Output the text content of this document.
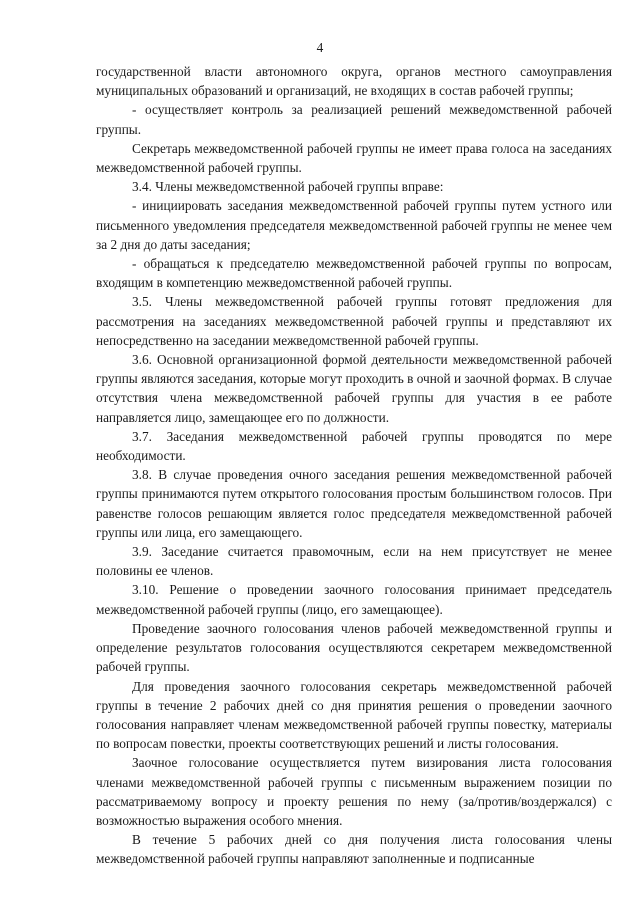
4

государственной власти автономного округа, органов местного самоуправления муниципальных образований и организаций, не входящих в состав рабочей группы;

- осуществляет контроль за реализацией решений межведомственной рабочей группы.

Секретарь межведомственной рабочей группы не имеет права голоса на заседаниях межведомственной рабочей группы.

3.4. Члены межведомственной рабочей группы вправе:

- инициировать заседания межведомственной рабочей группы путем устного или письменного уведомления председателя межведомственной рабочей группы не менее чем за 2 дня до даты заседания;

- обращаться к председателю межведомственной рабочей группы по вопросам, входящим в компетенцию межведомственной рабочей группы.

3.5. Члены межведомственной рабочей группы готовят предложения для рассмотрения на заседаниях межведомственной рабочей группы и представляют их непосредственно на заседании межведомственной рабочей группы.

3.6. Основной организационной формой деятельности межведомственной рабочей группы являются заседания, которые могут проходить в очной и заочной формах. В случае отсутствия члена межведомственной рабочей группы для участия в ее работе направляется лицо, замещающее его по должности.

3.7. Заседания межведомственной рабочей группы проводятся по мере необходимости.

3.8. В случае проведения очного заседания решения межведомственной рабочей группы принимаются путем открытого голосования простым большинством голосов. При равенстве голосов решающим является голос председателя межведомственной рабочей группы или лица, его замещающего.

3.9. Заседание считается правомочным, если на нем присутствует не менее половины ее членов.

3.10. Решение о проведении заочного голосования принимает председатель межведомственной рабочей группы (лицо, его замещающее).

Проведение заочного голосования членов рабочей межведомственной группы и определение результатов голосования осуществляются секретарем межведомственной рабочей группы.

Для проведения заочного голосования секретарь межведомственной рабочей группы в течение 2 рабочих дней со дня принятия решения о проведении заочного голосования направляет членам межведомственной рабочей группы повестку, материалы по вопросам повестки, проекты соответствующих решений и листы голосования.

Заочное голосование осуществляется путем визирования листа голосования членами межведомственной рабочей группы с письменным выражением позиции по рассматриваемому вопросу и проекту решения по нему (за/против/воздержался) с возможностью выражения особого мнения.

В течение 5 рабочих дней со дня получения листа голосования члены межведомственной рабочей группы направляют заполненные и подписанные
